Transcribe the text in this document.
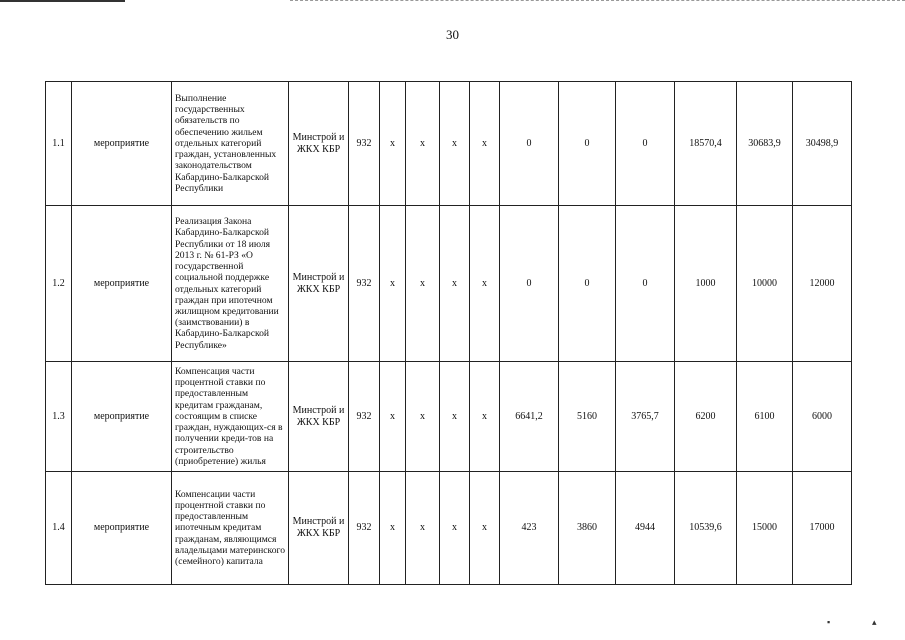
30
1.1	мероприятие	Выполнение государственных обязательств по обеспечению жильем отдельных категорий граждан, установленных законодательством Кабардино-Балкарской Республики	Минстрой и ЖКХ КБР	932	х	х	х	х	0	0	0	18570,4	30683,9	30498,9
1.2	мероприятие	Реализация Закона Кабардино-Балкарской Республики от 18 июля 2013 г. № 61-РЗ «О государственной социальной поддержке отдельных категорий граждан при ипотечном жилищном кредитовании (заимствовании) в Кабардино-Балкарской Республике»	Минстрой и ЖКХ КБР	932	х	х	х	х	0	0	0	1000	10000	12000
1.3	мероприятие	Компенсация части процентной ставки по предоставленным кредитам гражданам, состоящим в списке граждан, нуждающих-ся в получении креди-тов на строительство (приобретение) жилья	Минстрой и ЖКХ КБР	932	х	х	х	х	6641,2	5160	3765,7	6200	6100	6000
1.4	мероприятие	Компенсации части процентной ставки по предоставленным ипотечным кредитам гражданам, являющимся владельцами материнского (семейного) капитала	Минстрой и ЖКХ КБР	932	х	х	х	х	423	3860	4944	10539,6	15000	17000
▪	▴
